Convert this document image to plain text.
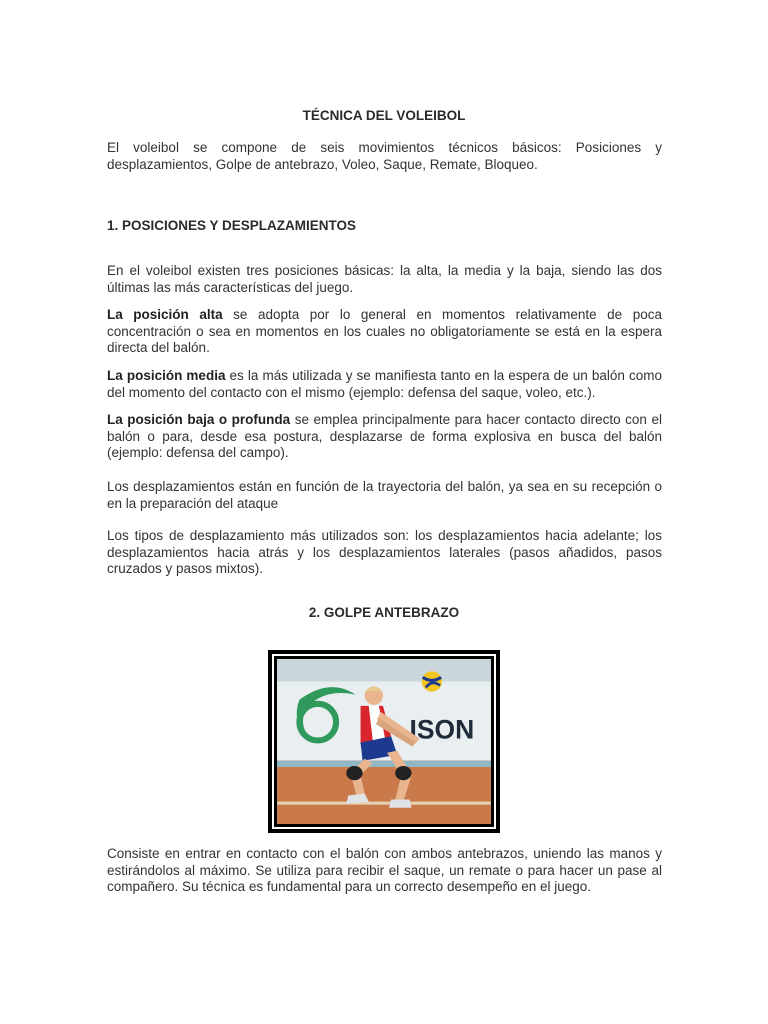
TÉCNICA DEL VOLEIBOL
El voleibol se compone de seis movimientos técnicos básicos: Posiciones y desplazamientos, Golpe de antebrazo, Voleo, Saque, Remate, Bloqueo.
1. POSICIONES Y DESPLAZAMIENTOS
En el voleibol existen tres posiciones básicas: la alta, la media y la baja, siendo las dos últimas las más características del juego.
La posición alta se adopta por lo general en momentos relativamente de poca concentración o sea en momentos en los cuales no obligatoriamente se está en la espera directa del balón.
La posición media es la más utilizada y se manifiesta tanto en la espera de un balón como del momento del contacto con el mismo (ejemplo: defensa del saque, voleo, etc.).
La posición baja o profunda se emplea principalmente para hacer contacto directo con el balón o para, desde esa postura, desplazarse de forma explosiva en busca del balón (ejemplo: defensa del campo).
Los desplazamientos están en función de la trayectoria del balón, ya sea en su recepción o en la preparación del ataque
Los tipos de desplazamiento más utilizados son: los desplazamientos hacia adelante; los desplazamientos hacia atrás y los desplazamientos laterales (pasos añadidos, pasos cruzados y pasos mixtos).
2. GOLPE ANTEBRAZO
ISON
Consiste en entrar en contacto con el balón con ambos antebrazos, uniendo las manos y estirándolos al máximo. Se utiliza para recibir el saque, un remate o para hacer un pase al compañero. Su técnica es fundamental para un correcto desempeño en el juego.
